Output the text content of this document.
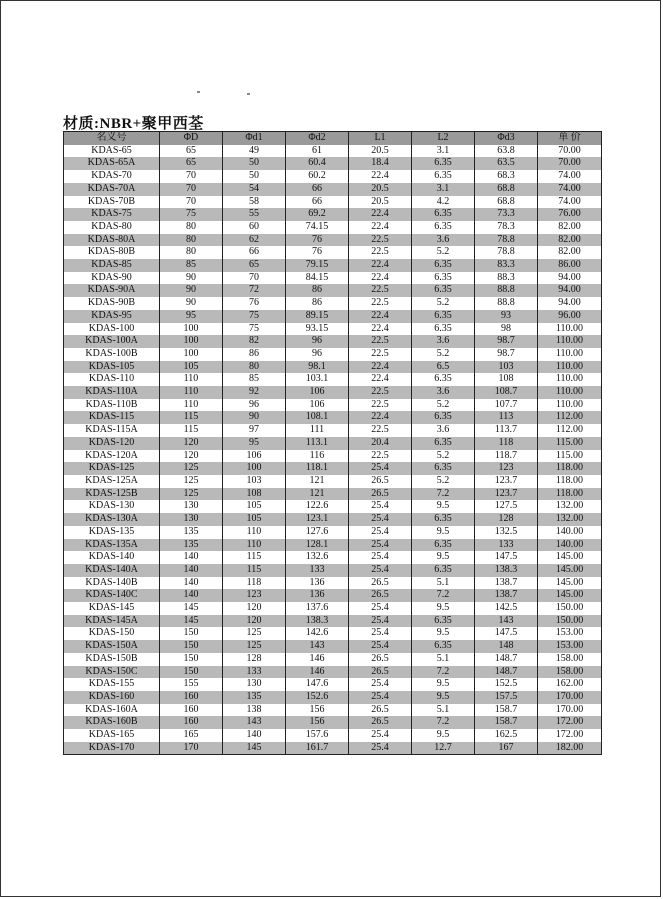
材质:NBR+聚甲西荃
名义号	ΦD	Φd1	Φd2	L1	L2	Φd3	单 价
KDAS-65	65	49	61	20.5	3.1	63.8	70.00
KDAS-65A	65	50	60.4	18.4	6.35	63.5	70.00
KDAS-70	70	50	60.2	22.4	6.35	68.3	74.00
KDAS-70A	70	54	66	20.5	3.1	68.8	74.00
KDAS-70B	70	58	66	20.5	4.2	68.8	74.00
KDAS-75	75	55	69.2	22.4	6.35	73.3	76.00
KDAS-80	80	60	74.15	22.4	6.35	78.3	82.00
KDAS-80A	80	62	76	22.5	3.6	78.8	82.00
KDAS-80B	80	66	76	22.5	5.2	78.8	82.00
KDAS-85	85	65	79.15	22.4	6.35	83.3	86.00
KDAS-90	90	70	84.15	22.4	6.35	88.3	94.00
KDAS-90A	90	72	86	22.5	6.35	88.8	94.00
KDAS-90B	90	76	86	22.5	5.2	88.8	94.00
KDAS-95	95	75	89.15	22.4	6.35	93	96.00
KDAS-100	100	75	93.15	22.4	6.35	98	110.00
KDAS-100A	100	82	96	22.5	3.6	98.7	110.00
KDAS-100B	100	86	96	22.5	5.2	98.7	110.00
KDAS-105	105	80	98.1	22.4	6.5	103	110.00
KDAS-110	110	85	103.1	22.4	6.35	108	110.00
KDAS-110A	110	92	106	22.5	3.6	108.7	110.00
KDAS-110B	110	96	106	22.5	5.2	107.7	110.00
KDAS-115	115	90	108.1	22.4	6.35	113	112.00
KDAS-115A	115	97	111	22.5	3.6	113.7	112.00
KDAS-120	120	95	113.1	20.4	6.35	118	115.00
KDAS-120A	120	106	116	22.5	5.2	118.7	115.00
KDAS-125	125	100	118.1	25.4	6.35	123	118.00
KDAS-125A	125	103	121	26.5	5.2	123.7	118.00
KDAS-125B	125	108	121	26.5	7.2	123.7	118.00
KDAS-130	130	105	122.6	25.4	9.5	127.5	132.00
KDAS-130A	130	105	123.1	25.4	6.35	128	132.00
KDAS-135	135	110	127.6	25.4	9.5	132.5	140.00
KDAS-135A	135	110	128.1	25.4	6.35	133	140.00
KDAS-140	140	115	132.6	25.4	9.5	147.5	145.00
KDAS-140A	140	115	133	25.4	6.35	138.3	145.00
KDAS-140B	140	118	136	26.5	5.1	138.7	145.00
KDAS-140C	140	123	136	26.5	7.2	138.7	145.00
KDAS-145	145	120	137.6	25.4	9.5	142.5	150.00
KDAS-145A	145	120	138.3	25.4	6.35	143	150.00
KDAS-150	150	125	142.6	25.4	9.5	147.5	153.00
KDAS-150A	150	125	143	25.4	6.35	148	153.00
KDAS-150B	150	128	146	26.5	5.1	148.7	158.00
KDAS-150C	150	133	146	26.5	7.2	148.7	158.00
KDAS-155	155	130	147.6	25.4	9.5	152.5	162.00
KDAS-160	160	135	152.6	25.4	9.5	157.5	170.00
KDAS-160A	160	138	156	26.5	5.1	158.7	170.00
KDAS-160B	160	143	156	26.5	7.2	158.7	172.00
KDAS-165	165	140	157.6	25.4	9.5	162.5	172.00
KDAS-170	170	145	161.7	25.4	12.7	167	182.00
